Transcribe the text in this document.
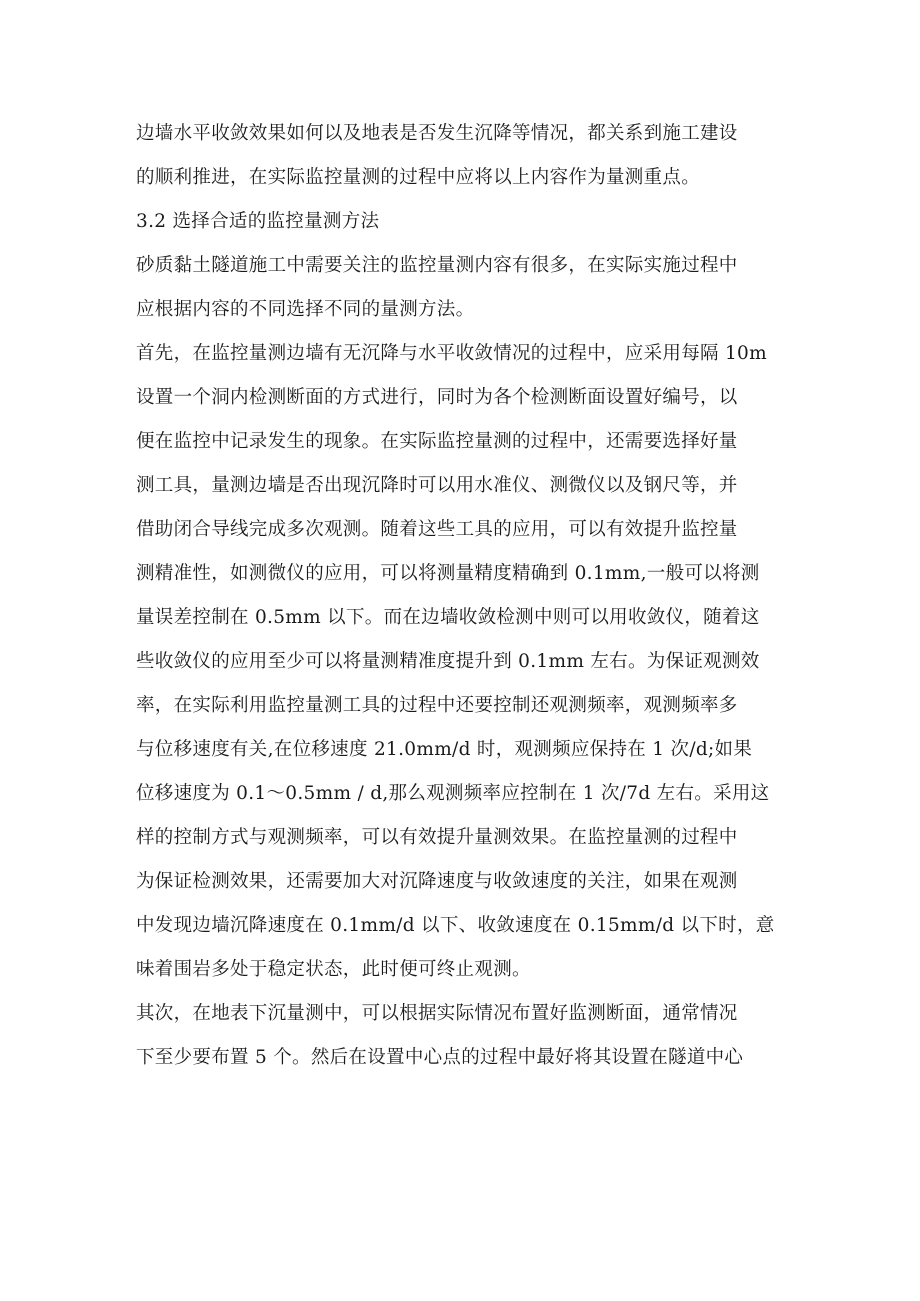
边墙水平收敛效果如何以及地表是否发生沉降等情况，都关系到施工建设
的顺利推进，在实际监控量测的过程中应将以上内容作为量测重点。
3.2 选择合适的监控量测方法
砂质黏土隧道施工中需要关注的监控量测内容有很多，在实际实施过程中
应根据内容的不同选择不同的量测方法。
首先，在监控量测边墙有无沉降与水平收敛情况的过程中，应采用每隔 10m
设置一个洞内检测断面的方式进行，同时为各个检测断面设置好编号，以
便在监控中记录发生的现象。在实际监控量测的过程中，还需要选择好量
测工具，量测边墙是否出现沉降时可以用水准仪、测微仪以及钢尺等，并
借助闭合导线完成多次观测。随着这些工具的应用，可以有效提升监控量
测精准性，如测微仪的应用，可以将测量精度精确到 0.1mm,一般可以将测
量误差控制在 0.5mm 以下。而在边墙收敛检测中则可以用收敛仪，随着这
些收敛仪的应用至少可以将量测精准度提升到 0.1mm 左右。为保证观测效
率，在实际利用监控量测工具的过程中还要控制还观测频率，观测频率多
与位移速度有关,在位移速度 21.0mm/d 时，观测频应保持在 1 次/d;如果
位移速度为 0.1～0.5mm / d,那么观测频率应控制在 1 次/7d 左右。采用这
样的控制方式与观测频率，可以有效提升量测效果。在监控量测的过程中
为保证检测效果，还需要加大对沉降速度与收敛速度的关注，如果在观测
中发现边墙沉降速度在 0.1mm/d 以下、收敛速度在 0.15mm/d 以下时，意
味着围岩多处于稳定状态，此时便可终止观测。
其次，在地表下沉量测中，可以根据实际情况布置好监测断面，通常情况
下至少要布置 5 个。然后在设置中心点的过程中最好将其设置在隧道中心
